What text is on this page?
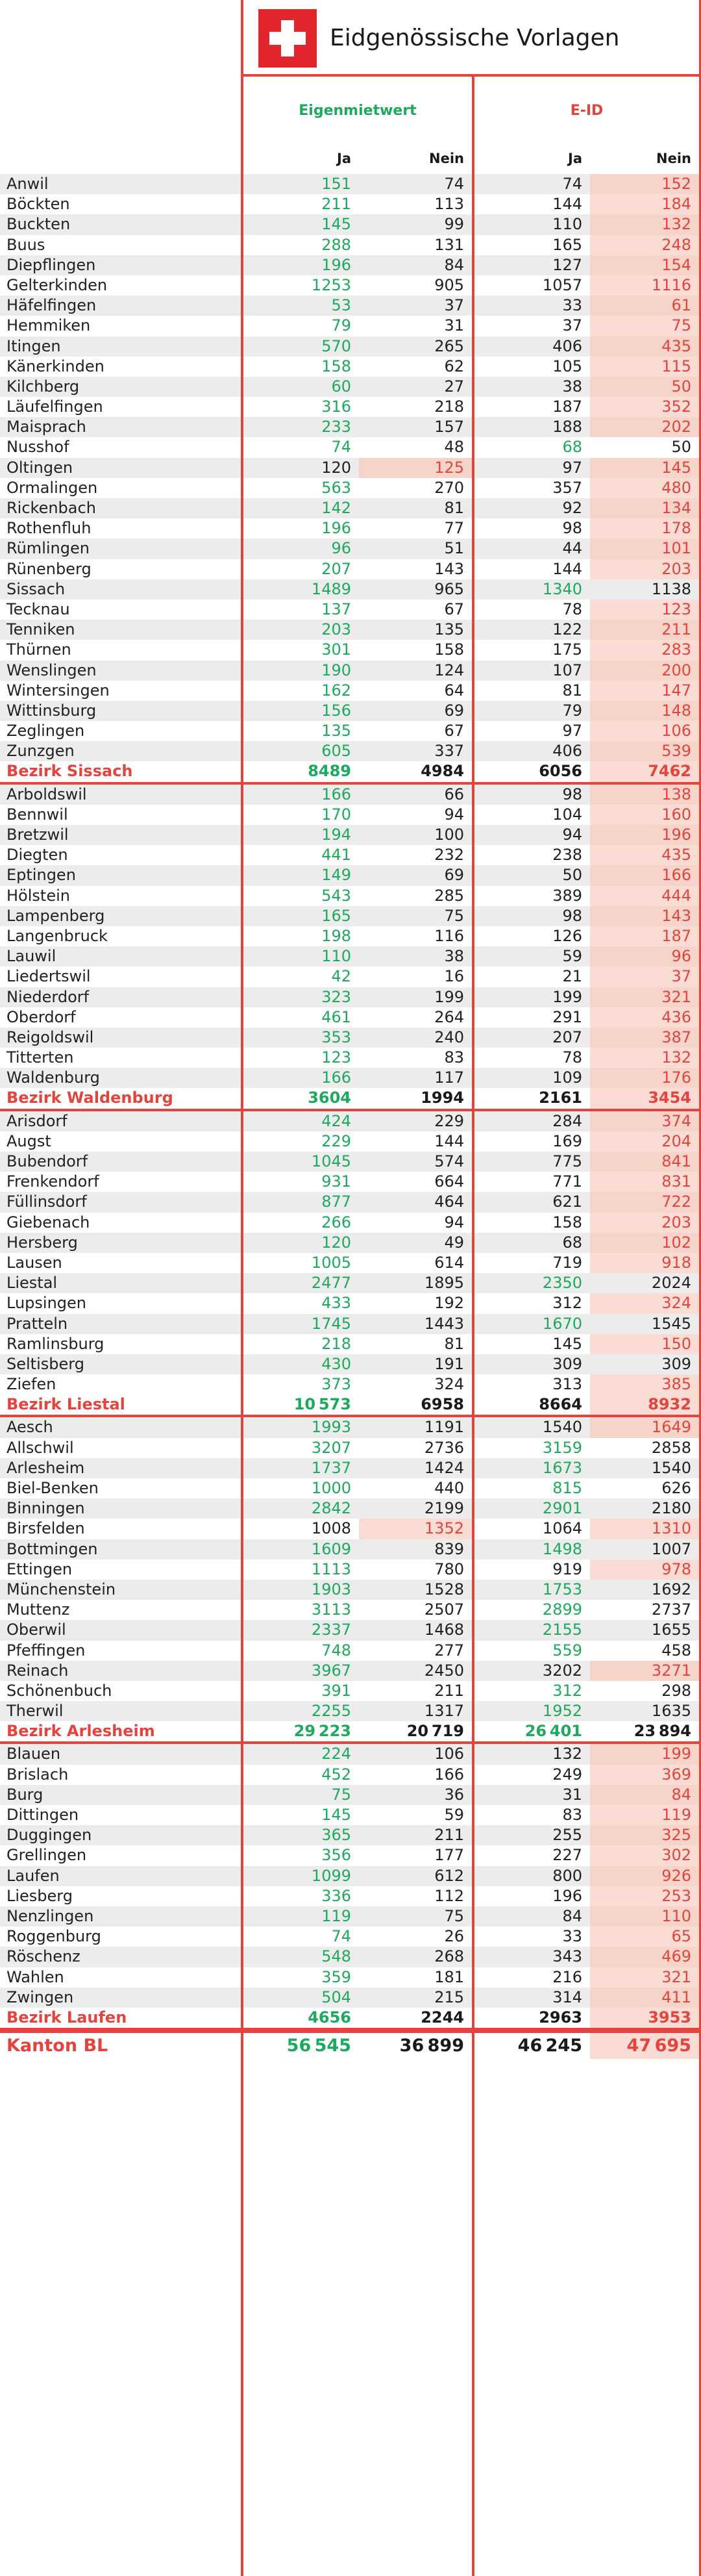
Eidgenössische Vorlagen
Eigenmietwert	E-ID
Ja	Nein	Ja	Nein
Anwil	151	74	74	152
Böckten	211	113	144	184
Buckten	145	99	110	132
Buus	288	131	165	248
Diepflingen	196	84	127	154
Gelterkinden	1253	905	1057	1116
Häfelfingen	53	37	33	61
Hemmiken	79	31	37	75
Itingen	570	265	406	435
Känerkinden	158	62	105	115
Kilchberg	60	27	38	50
Läufelfingen	316	218	187	352
Maisprach	233	157	188	202
Nusshof	74	48	68	50
Oltingen	120	125	97	145
Ormalingen	563	270	357	480
Rickenbach	142	81	92	134
Rothenfluh	196	77	98	178
Rümlingen	96	51	44	101
Rünenberg	207	143	144	203
Sissach	1489	965	1340	1138
Tecknau	137	67	78	123
Tenniken	203	135	122	211
Thürnen	301	158	175	283
Wenslingen	190	124	107	200
Wintersingen	162	64	81	147
Wittinsburg	156	69	79	148
Zeglingen	135	67	97	106
Zunzgen	605	337	406	539
Bezirk Sissach	8489	4984	6056	7462
Arboldswil	166	66	98	138
Bennwil	170	94	104	160
Bretzwil	194	100	94	196
Diegten	441	232	238	435
Eptingen	149	69	50	166
Hölstein	543	285	389	444
Lampenberg	165	75	98	143
Langenbruck	198	116	126	187
Lauwil	110	38	59	96
Liedertswil	42	16	21	37
Niederdorf	323	199	199	321
Oberdorf	461	264	291	436
Reigoldswil	353	240	207	387
Titterten	123	83	78	132
Waldenburg	166	117	109	176
Bezirk Waldenburg	3604	1994	2161	3454
Arisdorf	424	229	284	374
Augst	229	144	169	204
Bubendorf	1045	574	775	841
Frenkendorf	931	664	771	831
Füllinsdorf	877	464	621	722
Giebenach	266	94	158	203
Hersberg	120	49	68	102
Lausen	1005	614	719	918
Liestal	2477	1895	2350	2024
Lupsingen	433	192	312	324
Pratteln	1745	1443	1670	1545
Ramlinsburg	218	81	145	150
Seltisberg	430	191	309	309
Ziefen	373	324	313	385
Bezirk Liestal	10 573	6958	8664	8932
Aesch	1993	1191	1540	1649
Allschwil	3207	2736	3159	2858
Arlesheim	1737	1424	1673	1540
Biel-Benken	1000	440	815	626
Binningen	2842	2199	2901	2180
Birsfelden	1008	1352	1064	1310
Bottmingen	1609	839	1498	1007
Ettingen	1113	780	919	978
Münchenstein	1903	1528	1753	1692
Muttenz	3113	2507	2899	2737
Oberwil	2337	1468	2155	1655
Pfeffingen	748	277	559	458
Reinach	3967	2450	3202	3271
Schönenbuch	391	211	312	298
Therwil	2255	1317	1952	1635
Bezirk Arlesheim	29 223	20 719	26 401	23 894
Blauen	224	106	132	199
Brislach	452	166	249	369
Burg	75	36	31	84
Dittingen	145	59	83	119
Duggingen	365	211	255	325
Grellingen	356	177	227	302
Laufen	1099	612	800	926
Liesberg	336	112	196	253
Nenzlingen	119	75	84	110
Roggenburg	74	26	33	65
Röschenz	548	268	343	469
Wahlen	359	181	216	321
Zwingen	504	215	314	411
Bezirk Laufen	4656	2244	2963	3953
Kanton BL	56 545	36 899	46 245	47 695
